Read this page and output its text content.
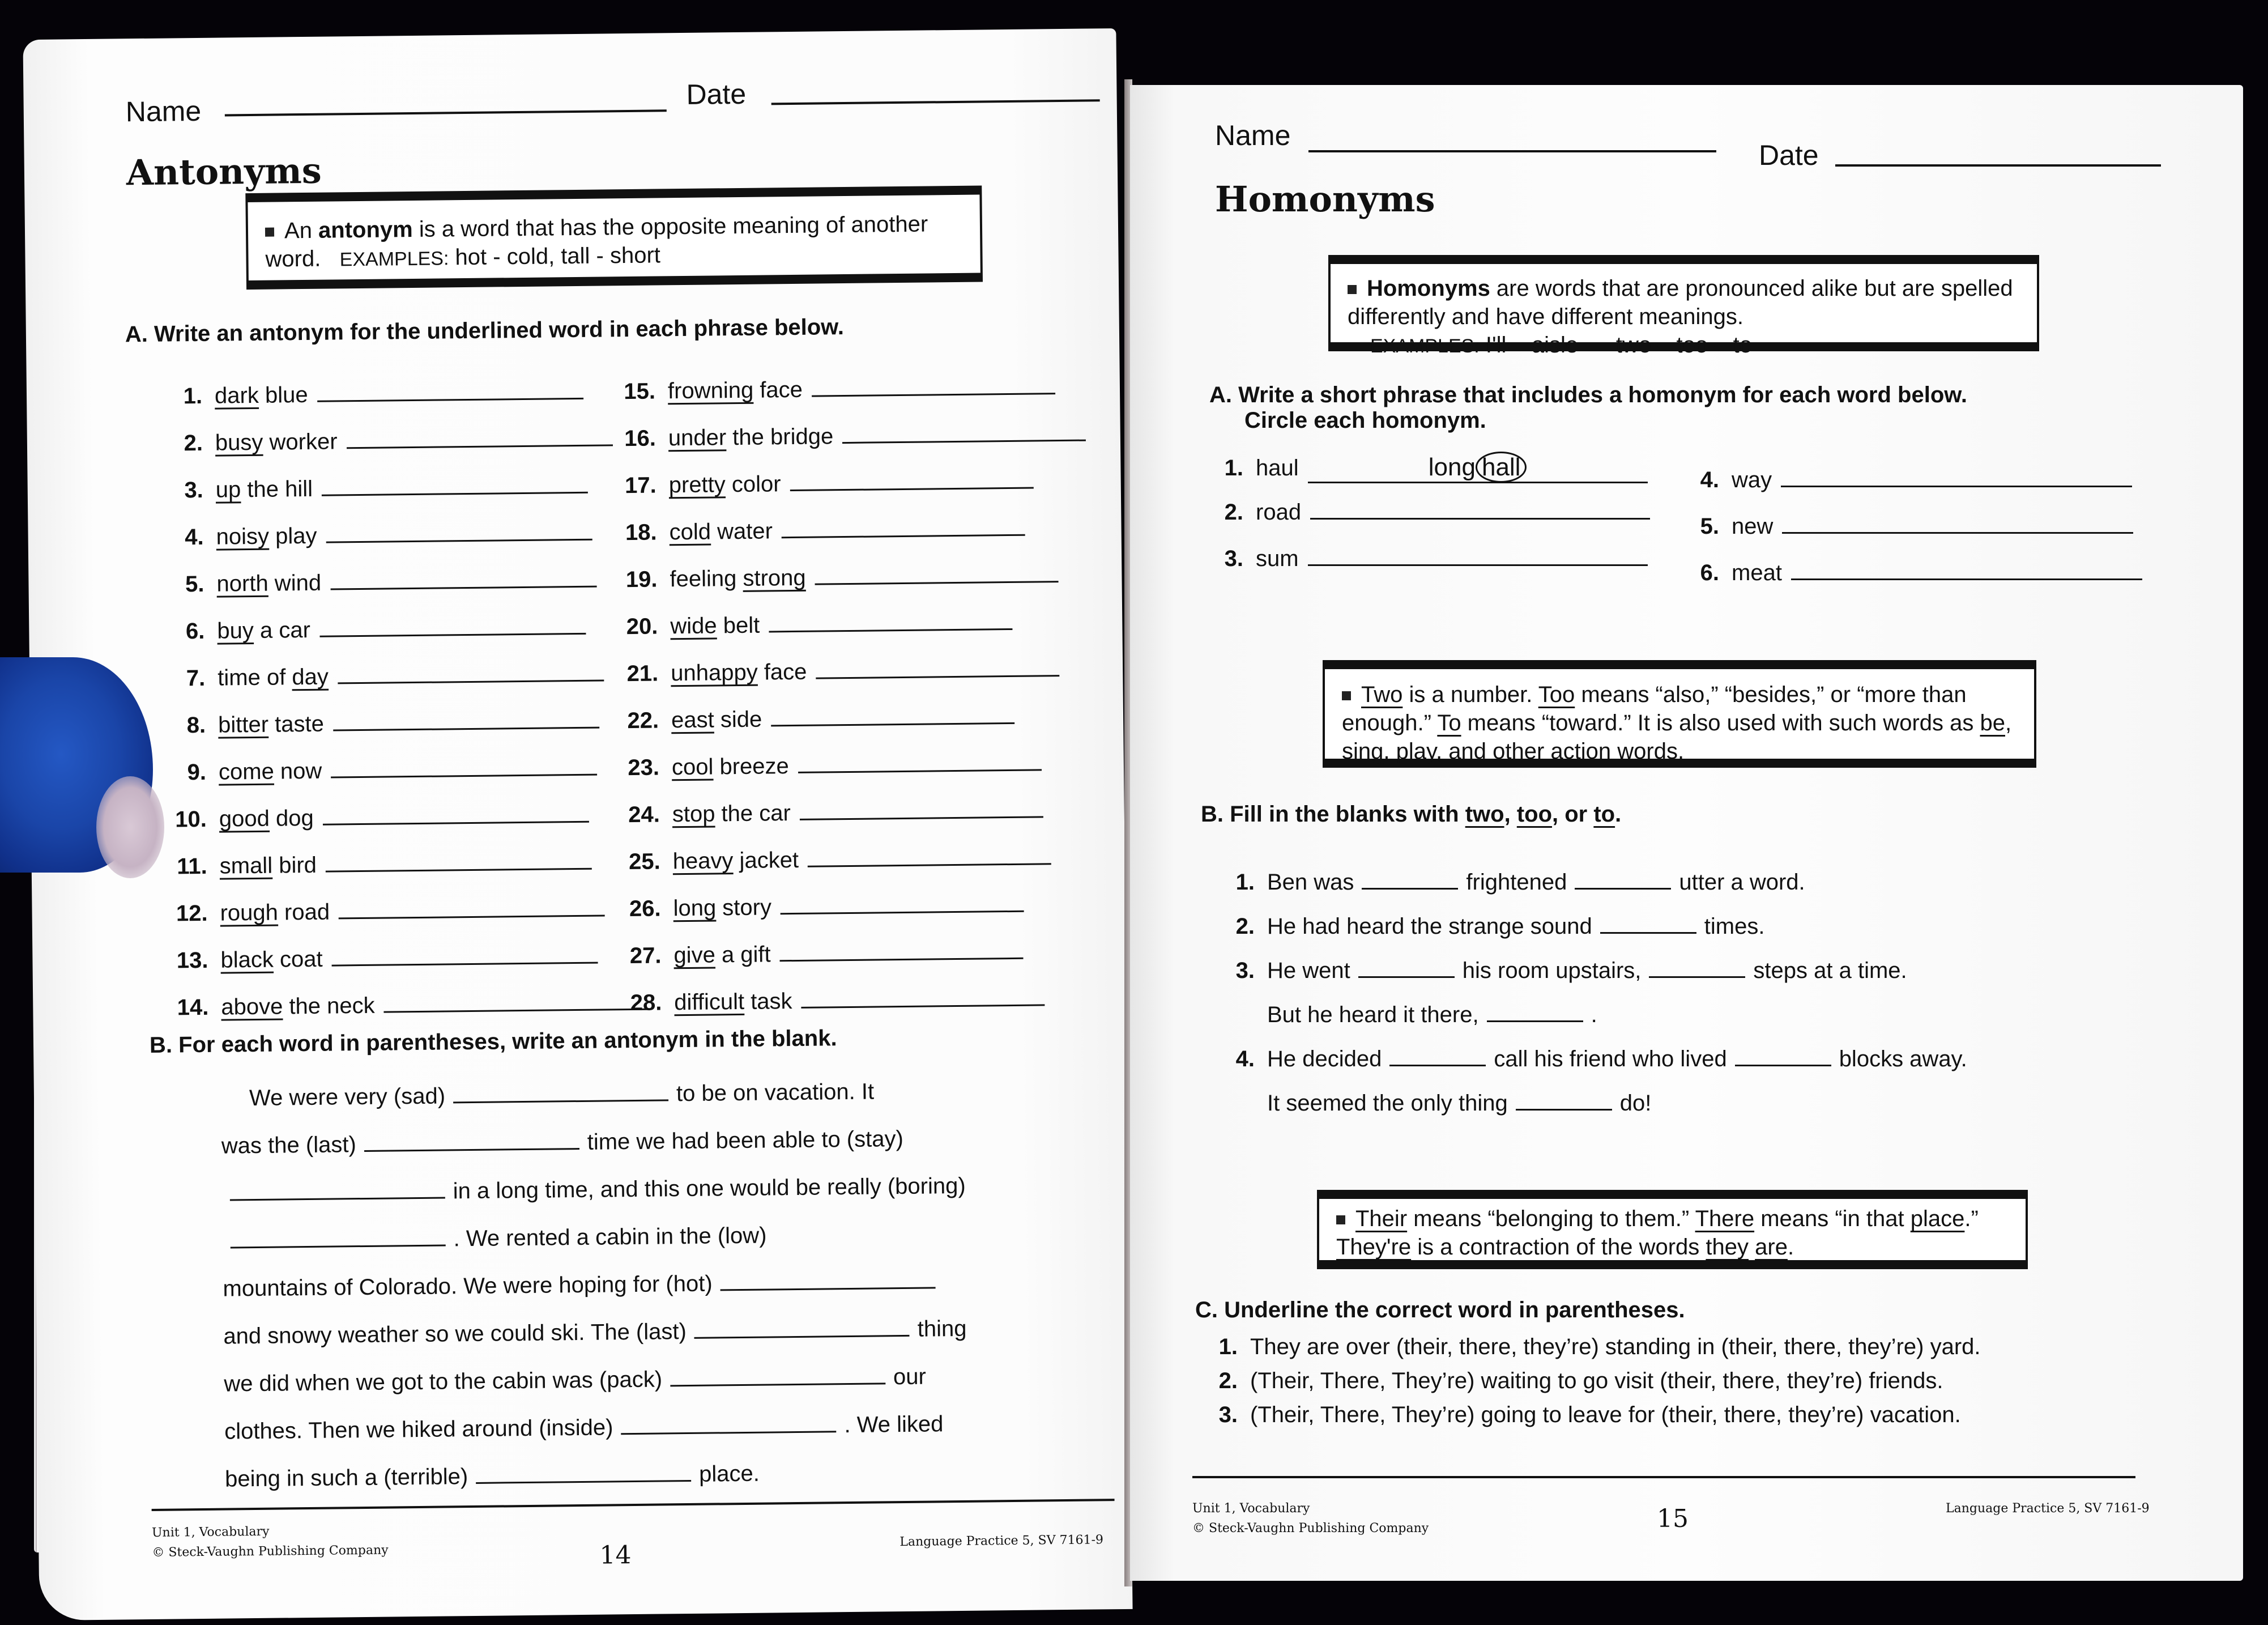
Name
Date
Antonyms
An antonym is a word that has the opposite meaning of another word. EXAMPLES: hot - cold, tall - short
A. Write an antonym for the underlined word in each phrase below.
1. dark blue
2. busy worker
3. up the hill
4. noisy play
5. north wind
6. buy a car
7. time of day
8. bitter taste
9. come now
10. good dog
11. small bird
12. rough road
13. black coat
14. above the neck
15. frowning face
16. under the bridge
17. pretty color
18. cold water
19. feeling strong
20. wide belt
21. unhappy face
22. east side
23. cool breeze
24. stop the car
25. heavy jacket
26. long story
27. give a gift
28. difficult task
B. For each word in parentheses, write an antonym in the blank.
We were very (sad)	to be on vacation. It
was the (last)	time we had been able to (stay)
in a long time, and this one would be really (boring)
. We rented a cabin in the (low)
mountains of Colorado. We were hoping for (hot)
and snowy weather so we could ski. The (last)	thing
we did when we got to the cabin was (pack)	our
clothes. Then we hiked around (inside)	. We liked
being in such a (terrible)	place.
Unit 1, Vocabulary
© Steck-Vaughn Publishing Company	14	Language Practice 5, SV 7161-9
Name
Date
Homonyms
Homonyms are words that are pronounced alike but are spelled differently and have different meanings.
EXAMPLES: I'll – aisle two – too – to
A. Write a short phrase that includes a homonym for each word below.
Circle each homonym.
1. haul	long hall
2. road
3. sum
4. way
5. new
6. meat
Two is a number. Too means “also,” “besides,” or “more than enough.” To means “toward.” It is also used with such words as be, sing, play, and other action words.
B. Fill in the blanks with two, too, or to.
1. Ben was	frightened	utter a word.
2. He had heard the strange sound	times.
3. He went	his room upstairs,	steps at a time.
But he heard it there,	.
4. He decided	call his friend who lived	blocks away.
It seemed the only thing	do!
Their means “belonging to them.” There means “in that place.” They're is a contraction of the words they are.
C. Underline the correct word in parentheses.
1. They are over (their, there, they’re) standing in (their, there, they’re) yard.
2. (Their, There, They’re) waiting to go visit (their, there, they’re) friends.
3. (Their, There, They’re) going to leave for (their, there, they’re) vacation.
Unit 1, Vocabulary
© Steck-Vaughn Publishing Company	15	Language Practice 5, SV 7161-9
